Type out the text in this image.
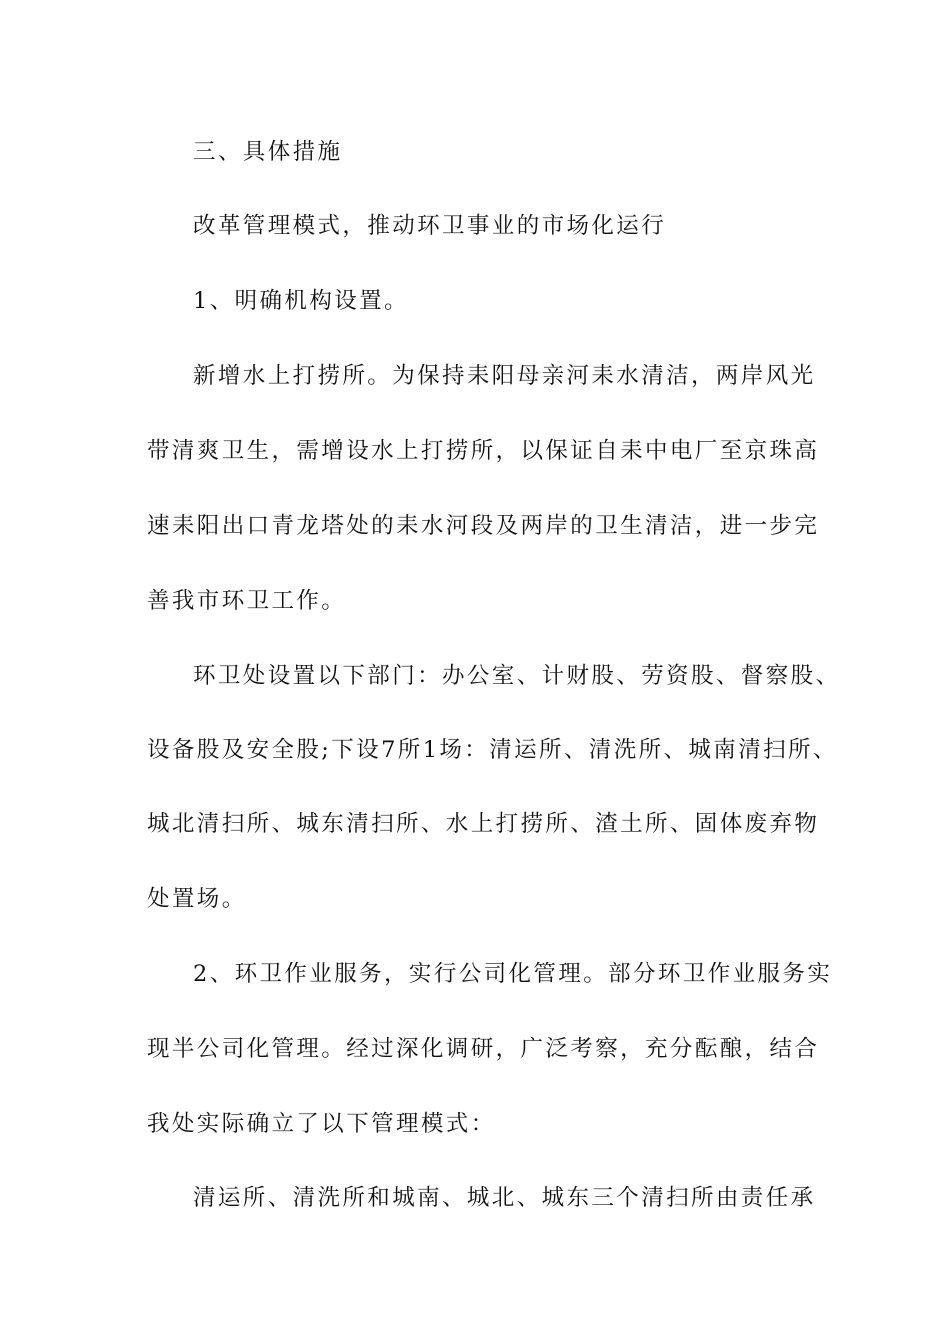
三、具体措施
改革管理模式，推动环卫事业的市场化运行
1、明确机构设置。
新增水上打捞所。为保持耒阳母亲河耒水清洁，两岸风光
带清爽卫生，需增设水上打捞所，以保证自耒中电厂至京珠高
速耒阳出口青龙塔处的耒水河段及两岸的卫生清洁，进一步完
善我市环卫工作。
环卫处设置以下部门：办公室、计财股、劳资股、督察股、
设备股及安全股;下设7所1场：清运所、清洗所、城南清扫所、
城北清扫所、城东清扫所、水上打捞所、渣土所、固体废弃物
处置场。
2、环卫作业服务，实行公司化管理。部分环卫作业服务实
现半公司化管理。经过深化调研，广泛考察，充分酝酿，结合
我处实际确立了以下管理模式：
清运所、清洗所和城南、城北、城东三个清扫所由责任承
